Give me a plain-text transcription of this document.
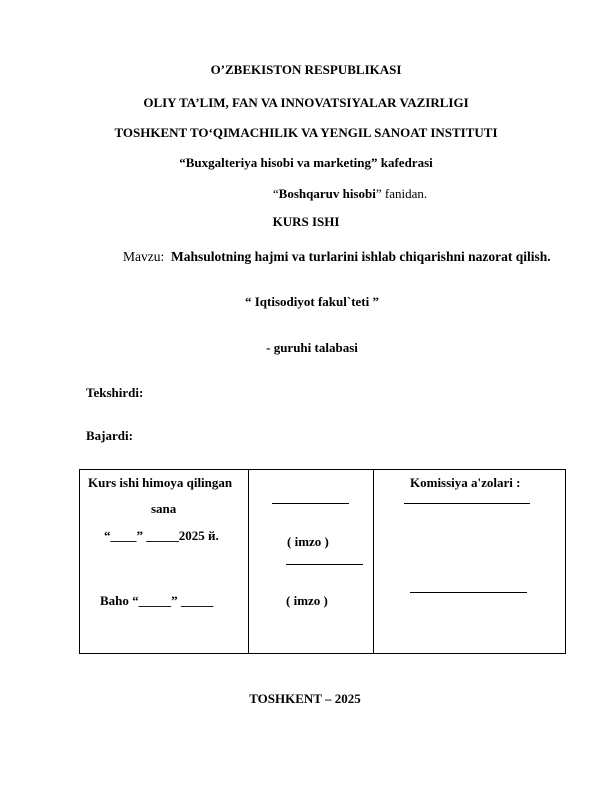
O’ZBEKISTON RESPUBLIKASI
OLIY TA’LIM, FAN VA INNOVATSIYALAR VAZIRLIGI
TOSHKENT TO‘QIMACHILIK VA YENGIL SANOAT INSTITUTI
“Buxgalteriya hisobi va marketing” kafedrasi
“Boshqaruv hisobi” fanidan.
KURS ISHI
Mavzu: Mahsulotning hajmi va turlarini ishlab chiqarishni nazorat qilish.
“ Iqtisodiyot fakul`teti ”
- guruhi talabasi
Tekshirdi:
Bajardi:
Kurs ishi himoya qilingan
sana
“____” _____2025 й.
Baho “_____” _____

( imzo )
( imzo )

Komissiya a'zolari :
TOSHKENT – 2025
